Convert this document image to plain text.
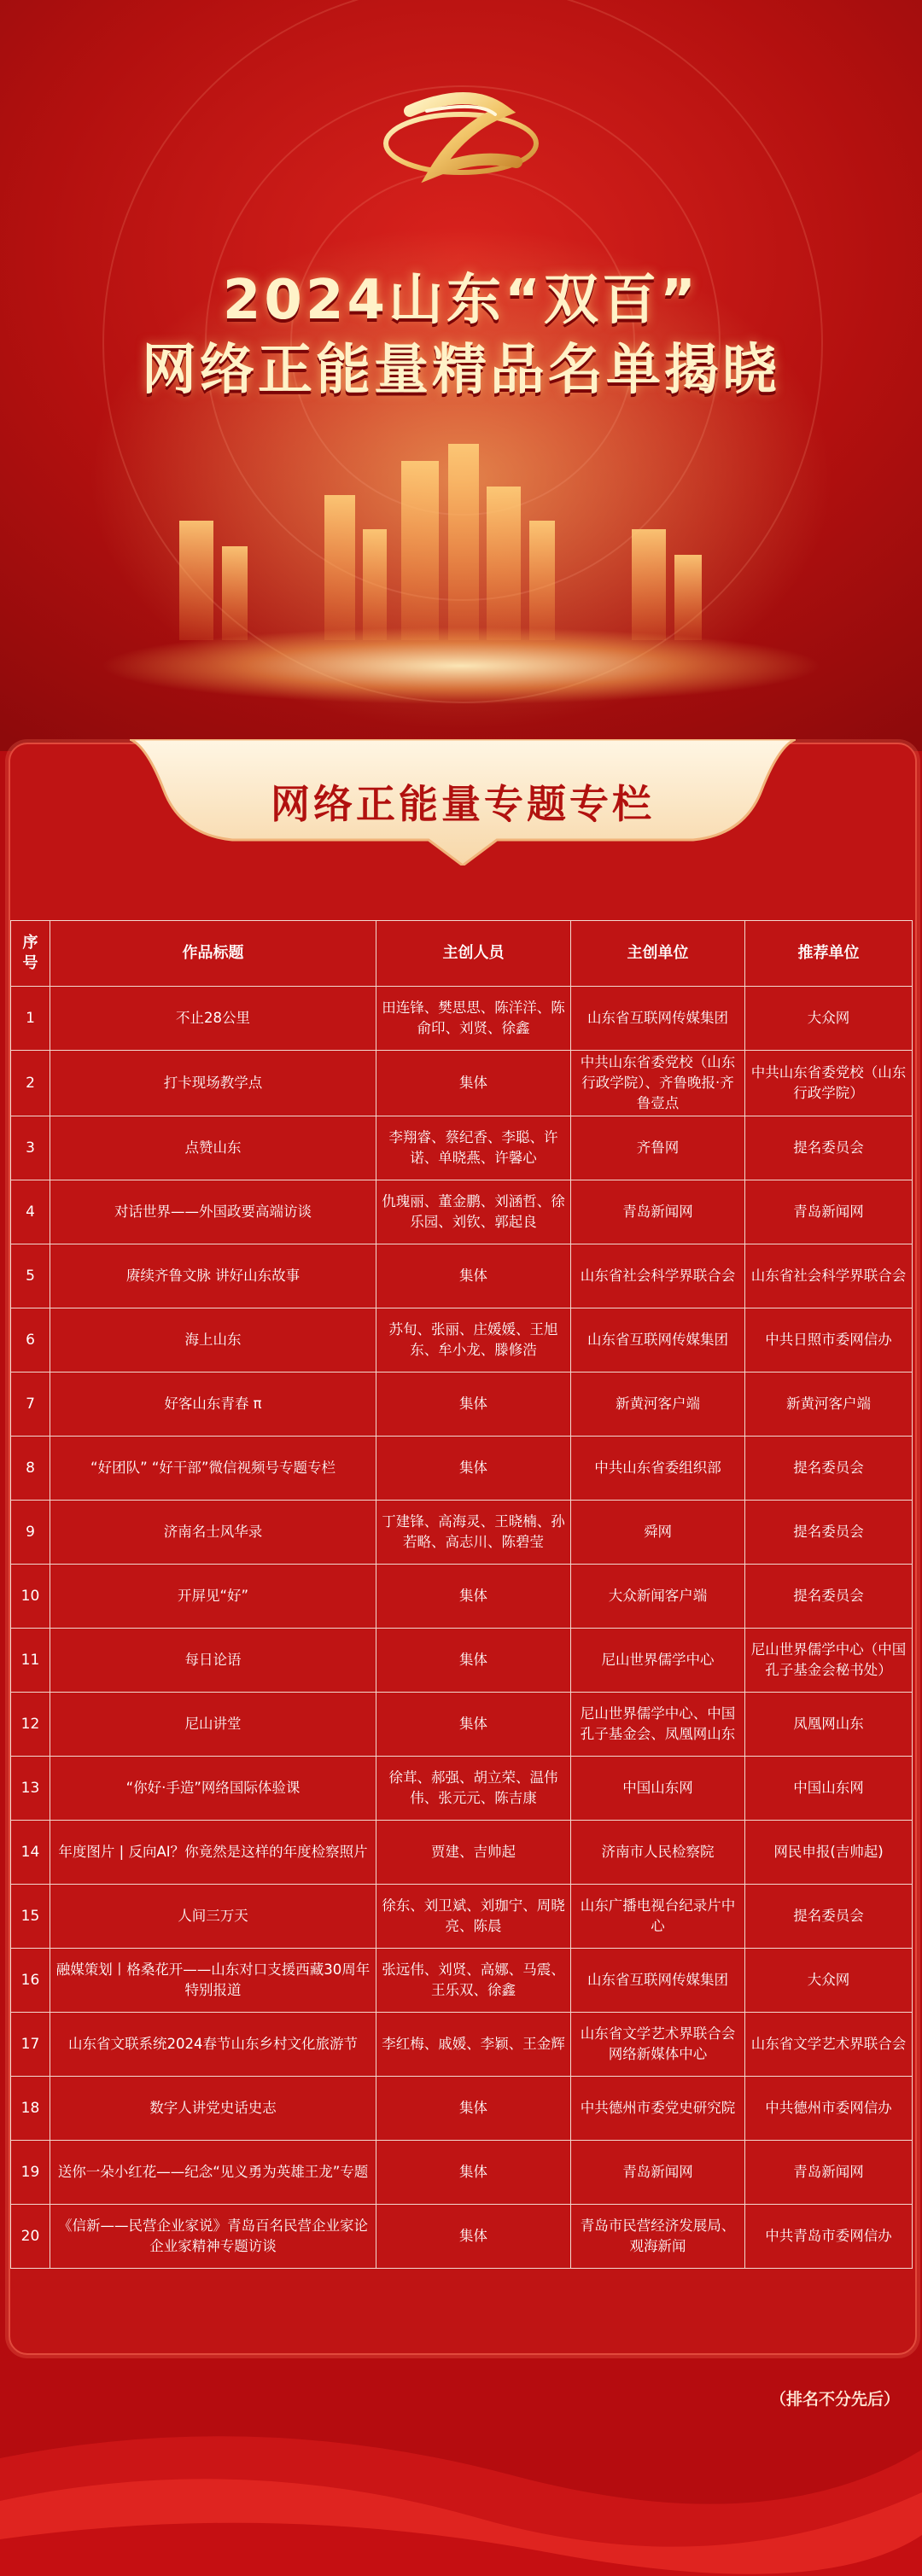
2024山东“双百”
网络正能量精品名单揭晓
网络正能量专题专栏
序号	作品标题	主创人员	主创单位	推荐单位
1	不止28公里	田连锋、樊思思、陈洋洋、陈俞印、刘贤、徐鑫	山东省互联网传媒集团	大众网
2	打卡现场教学点	集体	中共山东省委党校（山东行政学院）、齐鲁晚报·齐鲁壹点	中共山东省委党校（山东行政学院）
3	点赞山东	李翔睿、蔡纪香、李聪、许诺、单晓燕、许馨心	齐鲁网	提名委员会
4	对话世界——外国政要高端访谈	仇瑰丽、董金鹏、刘涵哲、徐乐园、刘钦、郭起良	青岛新闻网	青岛新闻网
5	赓续齐鲁文脉 讲好山东故事	集体	山东省社会科学界联合会	山东省社会科学界联合会
6	海上山东	苏旬、张丽、庄媛媛、王旭东、牟小龙、滕修浩	山东省互联网传媒集团	中共日照市委网信办
7	好客山东青春 π	集体	新黄河客户端	新黄河客户端
8	“好团队” “好干部”微信视频号专题专栏	集体	中共山东省委组织部	提名委员会
9	济南名士风华录	丁建锋、高海灵、王晓楠、孙若略、高志川、陈碧莹	舜网	提名委员会
10	开屏见“好”	集体	大众新闻客户端	提名委员会
11	每日论语	集体	尼山世界儒学中心	尼山世界儒学中心（中国孔子基金会秘书处）
12	尼山讲堂	集体	尼山世界儒学中心、中国孔子基金会、凤凰网山东	凤凰网山东
13	“你好·手造”网络国际体验课	徐茸、郝强、胡立荣、温伟伟、张元元、陈吉康	中国山东网	中国山东网
14	年度图片 | 反向AI？你竟然是这样的年度检察照片	贾建、吉帅起	济南市人民检察院	网民申报(吉帅起)
15	人间三万天	徐东、刘卫斌、刘珈宁、周晓亮、陈晨	山东广播电视台纪录片中心	提名委员会
16	融媒策划丨格桑花开——山东对口支援西藏30周年特别报道	张远伟、刘贤、高娜、马震、王乐双、徐鑫	山东省互联网传媒集团	大众网
17	山东省文联系统2024春节山东乡村文化旅游节	李红梅、戚媛、李颖、王金辉	山东省文学艺术界联合会网络新媒体中心	山东省文学艺术界联合会
18	数字人讲党史话史志	集体	中共德州市委党史研究院	中共德州市委网信办
19	送你一朵小红花——纪念“见义勇为英雄王龙”专题	集体	青岛新闻网	青岛新闻网
20	《信新——民营企业家说》青岛百名民营企业家论企业家精神专题访谈	集体	青岛市民营经济发展局、观海新闻	中共青岛市委网信办
（排名不分先后）
